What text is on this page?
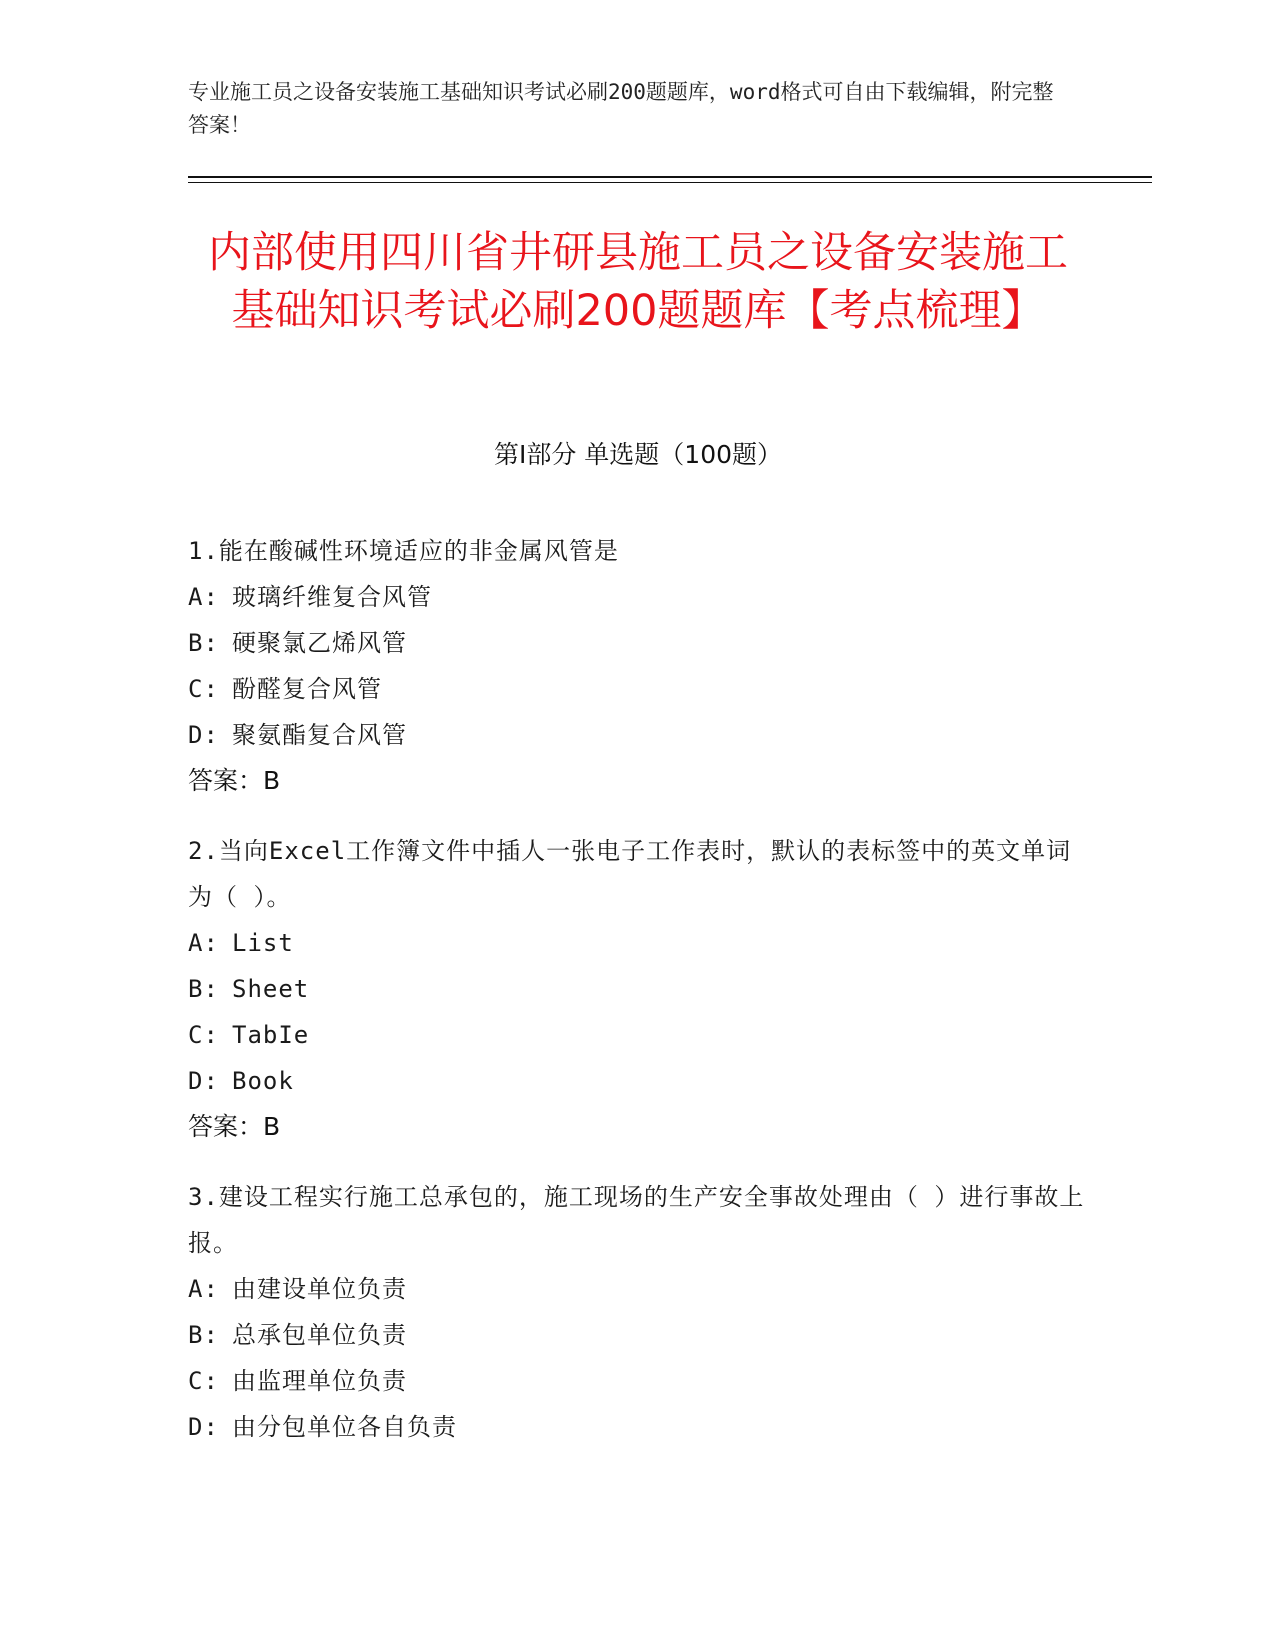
专业施工员之设备安装施工基础知识考试必刷200题题库，word格式可自由下载编辑，附完整答案！
内部使用四川省井研县施工员之设备安装施工基础知识考试必刷200题题库【考点梳理】
第I部分 单选题（100题）
1.能在酸碱性环境适应的非金属风管是
A: 玻璃纤维复合风管
B: 硬聚氯乙烯风管
C: 酚醛复合风管
D: 聚氨酯复合风管
答案：B
2.当向Excel工作簿文件中插人一张电子工作表时，默认的表标签中的英文单词为（ ）。
A: List
B: Sheet
C: TabIe
D: Book
答案：B
3.建设工程实行施工总承包的，施工现场的生产安全事故处理由（ ）进行事故上报。
A: 由建设单位负责
B: 总承包单位负责
C: 由监理单位负责
D: 由分包单位各自负责
